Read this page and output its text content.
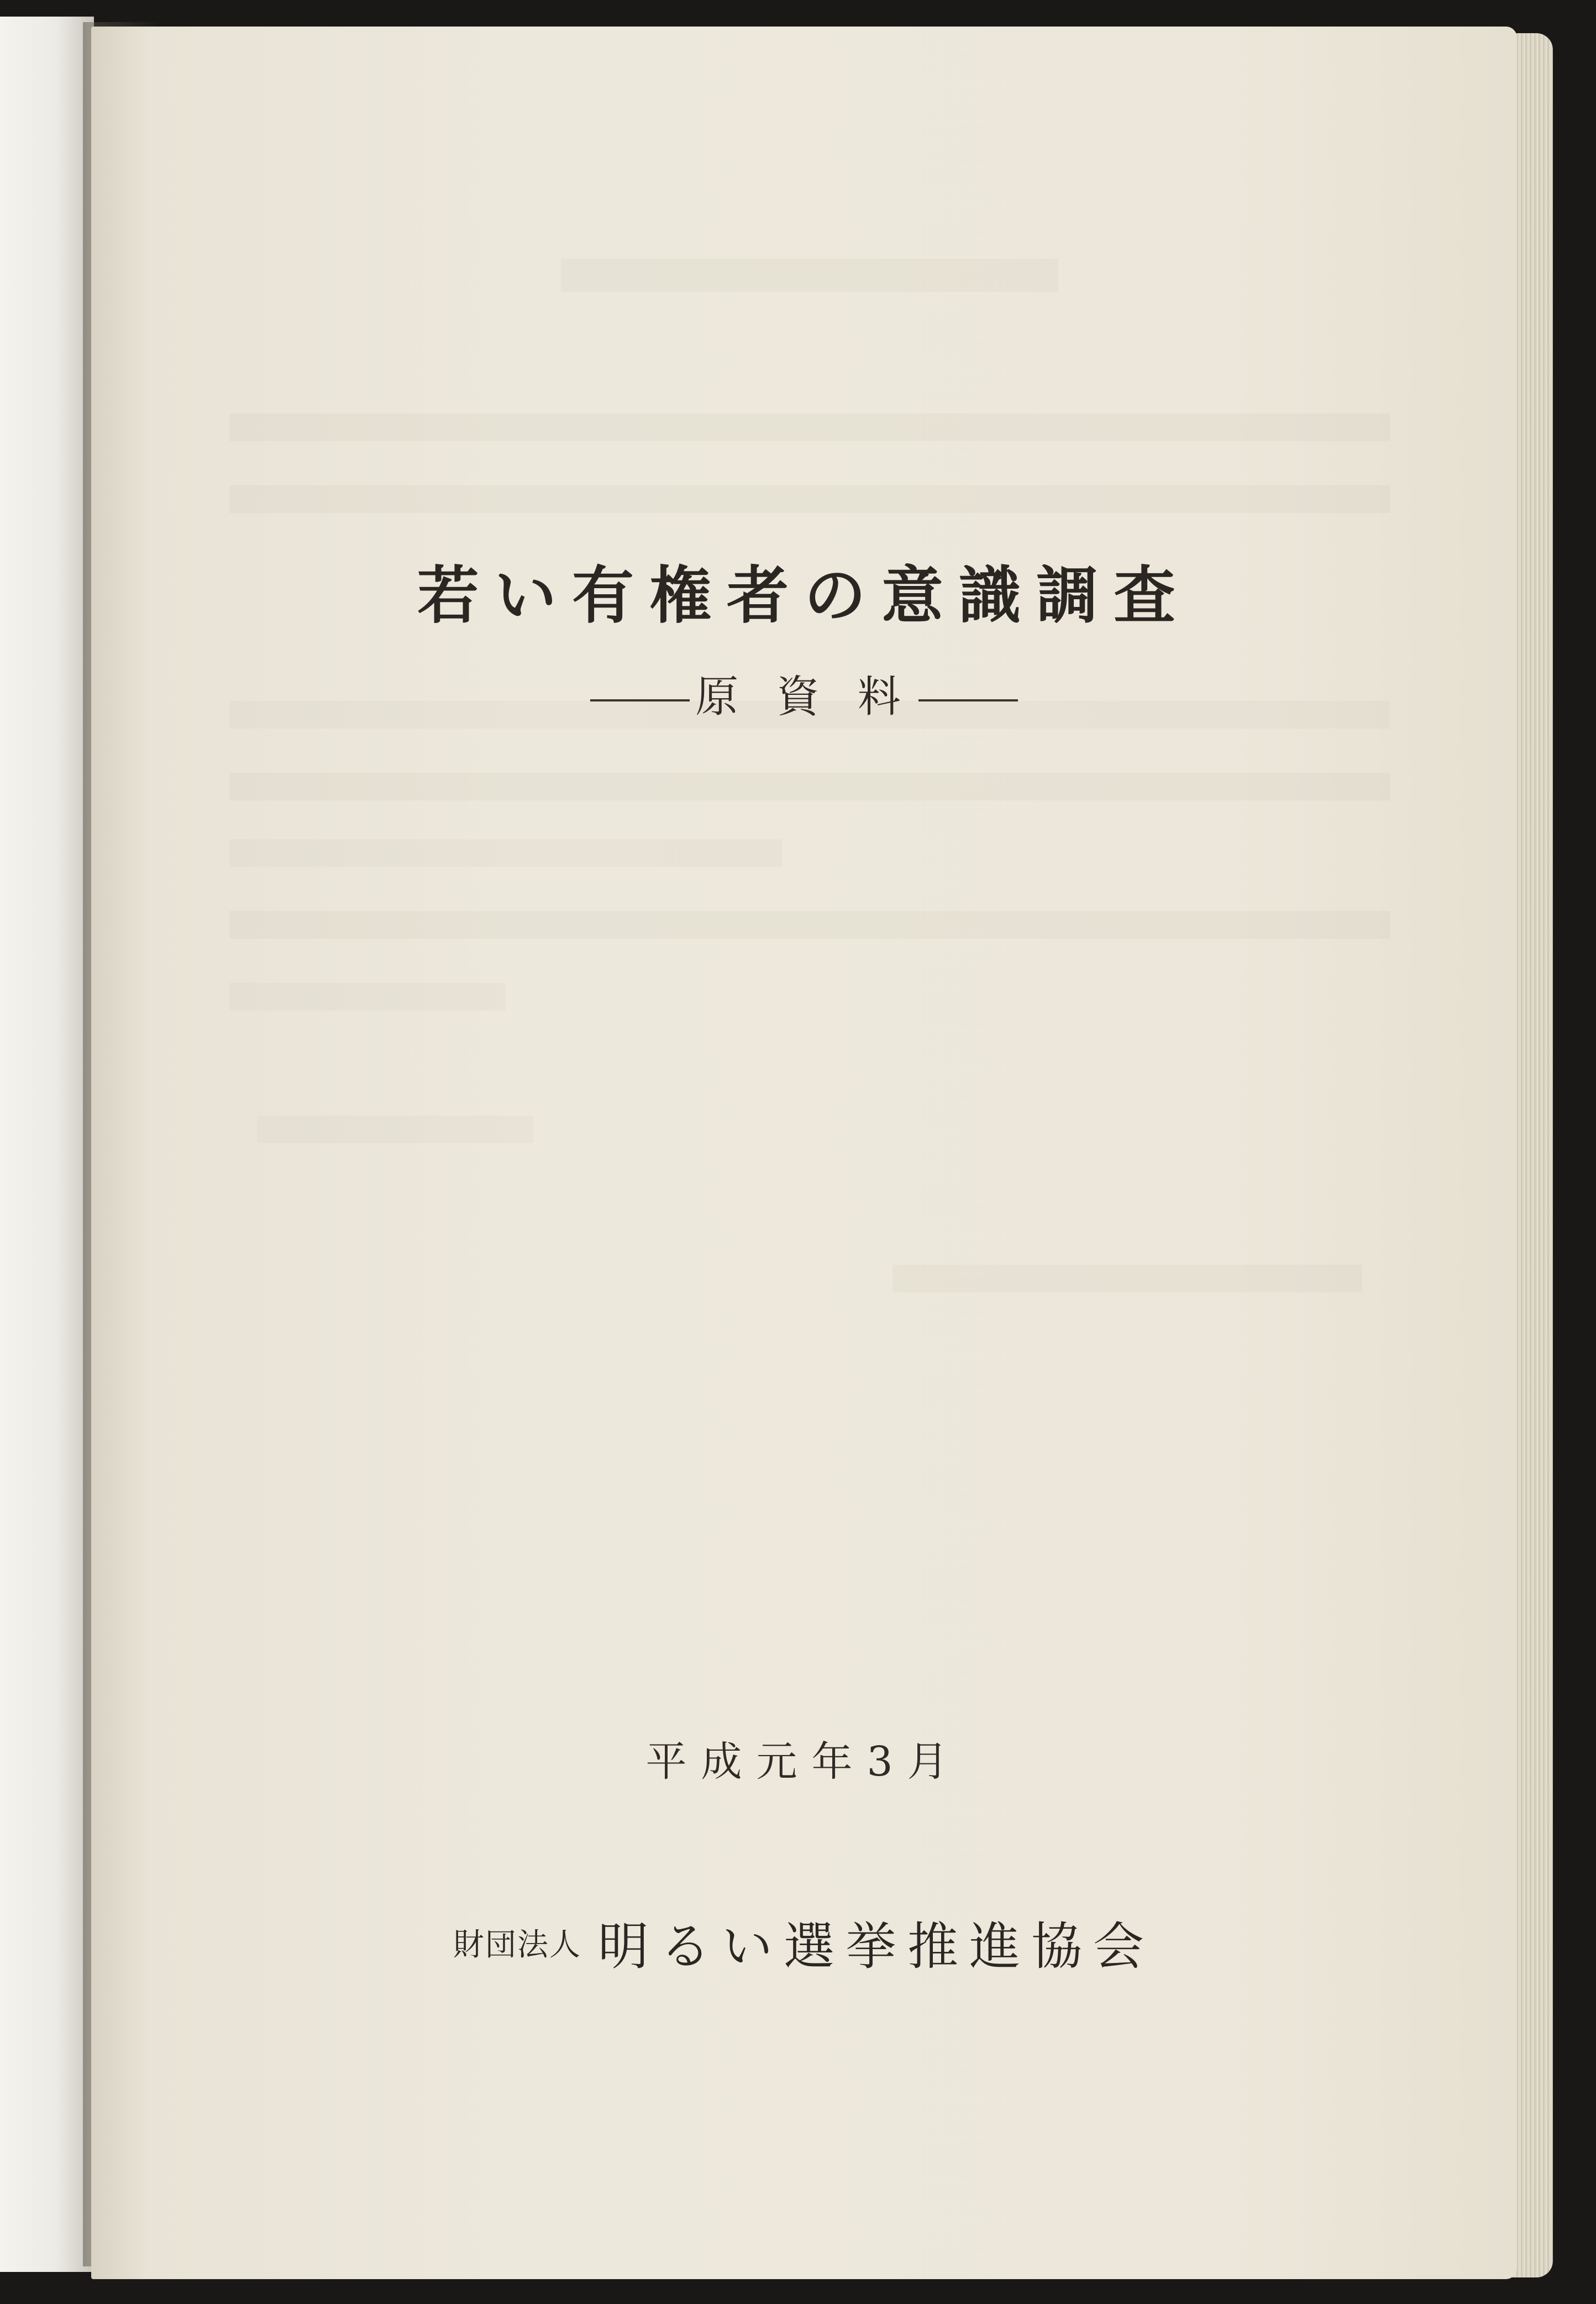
若い有権者の意識調査
原 資 料
平成元年3月
財団法人 明るい選挙推進協会
